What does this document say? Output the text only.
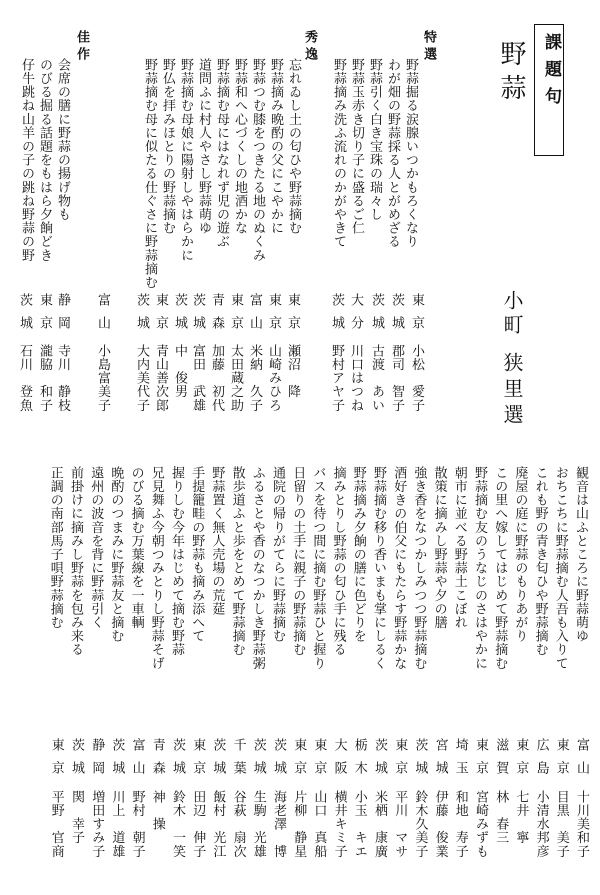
課題句
野蒜
小町
狭里選
特選
秀逸
佳作
野蒜掘る涙腺いつかもろくなり
わが畑の野蒜採る人とがめざる
野蒜引く白き宝珠の瑞々し
野蒜玉赤き切り子に盛るご仁
野蒜摘み洗ふ流れのかがやきて
忘れゐし土の匂ひや野蒜摘む
野蒜摘み晩酌の父にこやかに
野蒜つむ膝をつきたる地のぬくみ
野蒜和へ心づくしの地酒かな
野蒜摘む母にはなれず児の遊ぶ
道問ふに村人やさし野蒜萌ゆ
野蒜摘む母娘に陽射しやはらかに
野仏を拝みほとりの野蒜摘む
野蒜摘む母に似たる仕ぐさに野蒜摘む
会席の膳に野蒜の揚げ物も
のびる掘る話題をもはら夕餉どき
仔牛跳ね山羊の子の跳ね野蒜の野
東京
小松　愛子
茨城
郡司　智子
茨城
古渡　あい
大分
川口はつね
茨城
野村アヤ子
東京
瀬沼　降
東京
山崎みひろ
富山
米納　久子
東京
太田蔵之助
青森
加藤　初代
茨城
富田　武雄
茨城
中　俊男
東京
青山善次郎
茨城
大内美代子
富山
小島富美子
静岡
寺川　静枝
東京
瀧脇　和子
茨城
石川　登魚
観音は山ふところに野蒜萌ゆ
おちこちに野蒜摘む人吾も入りて
これも野の青き匂ひや野蒜摘む
廃屋の庭に野蒜のもりあがり
この里へ嫁してはじめて野蒜摘む
野蒜摘む友のうなじのさはやかに
朝市に並べる野蒜土こぼれ
散策に摘みし野蒜や夕の膳
強き香をなつかしみつつ野蒜摘む
酒好きの伯父にもたらす野蒜かな
野蒜摘む移り香いまも掌にしるく
野蒜摘み夕餉の膳に色どりを
摘みとりし野蒜の匂ひ手に残る
バスを待つ間に摘む野蒜ひと握り
日留りの土手に親子の野蒜摘む
通院の帰りがてらに野蒜摘む
ふるさとや香のなつかしき野蒜粥
散歩道ふと歩をとめて野蒜摘む
野蒜置く無人売場の荒莚
手提籠畦の野蒜も摘み添へて
握りしむ今年はじめて摘む野蒜
兄見舞ふ今朝つみとりし野蒜そげ
のびる摘む万葉線を一車輌
晩酌のつまみに野蒜友と摘む
遠州の波音を背に野蒜引く
前掛けに摘みし野蒜を包み来る
正調の南部馬子唄野蒜摘む
富山
十川美和子
東京
目黒　美子
広島
小清水邦彦
東京
七井　寧
滋賀
林　春三
東京
宮崎みずも
埼玉
和地　寿子
宮城
伊藤　俊業
茨城
鈴木久美子
東京
平川　マサ
茨城
米栖　康廣
栃木
小玉　キエ
大阪
横井キミ子
東京
山口　真船
東京
片柳　静星
茨城
海老澤　博
茨城
生駒　光雄
千葉
谷萩　扇次
茨城
飯村　光江
東京
田辺　伸子
茨城
鈴木　一笑
青森
神　操
富山
野村　朝子
茨城
川上　道雄
静岡
増田すみ子
茨城
関　幸子
東京
平野　官商
